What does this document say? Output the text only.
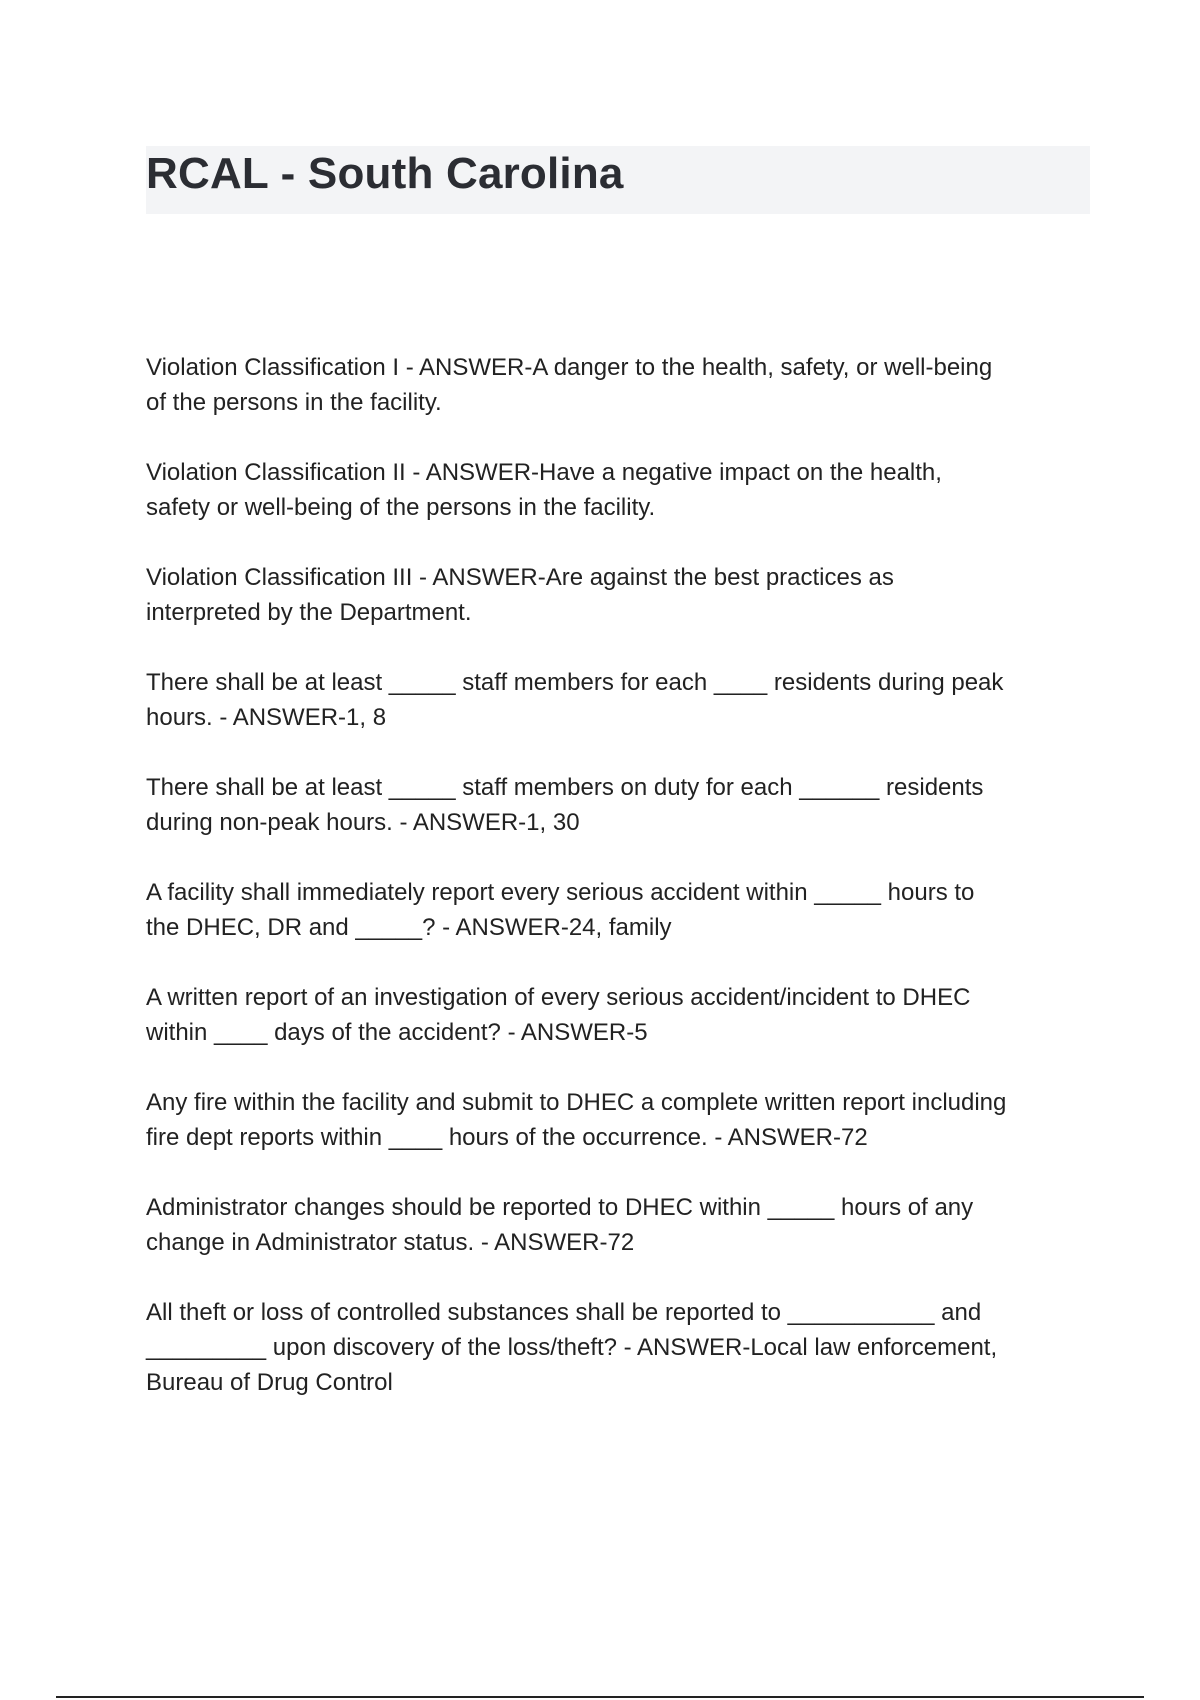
RCAL - South Carolina

Violation Classification I - ANSWER-A danger to the health, safety, or well-being
of the persons in the facility.

Violation Classification II - ANSWER-Have a negative impact on the health,
safety or well-being of the persons in the facility.

Violation Classification III - ANSWER-Are against the best practices as
interpreted by the Department.

There shall be at least _____ staff members for each ____ residents during peak
hours. - ANSWER-1, 8

There shall be at least _____ staff members on duty for each ______ residents
during non-peak hours. - ANSWER-1, 30

A facility shall immediately report every serious accident within _____ hours to
the DHEC, DR and _____? - ANSWER-24, family

A written report of an investigation of every serious accident/incident to DHEC
within ____ days of the accident? - ANSWER-5

Any fire within the facility and submit to DHEC a complete written report including
fire dept reports within ____ hours of the occurrence. - ANSWER-72

Administrator changes should be reported to DHEC within _____ hours of any
change in Administrator status. - ANSWER-72

All theft or loss of controlled substances shall be reported to ___________ and
_________ upon discovery of the loss/theft? - ANSWER-Local law enforcement,
Bureau of Drug Control
